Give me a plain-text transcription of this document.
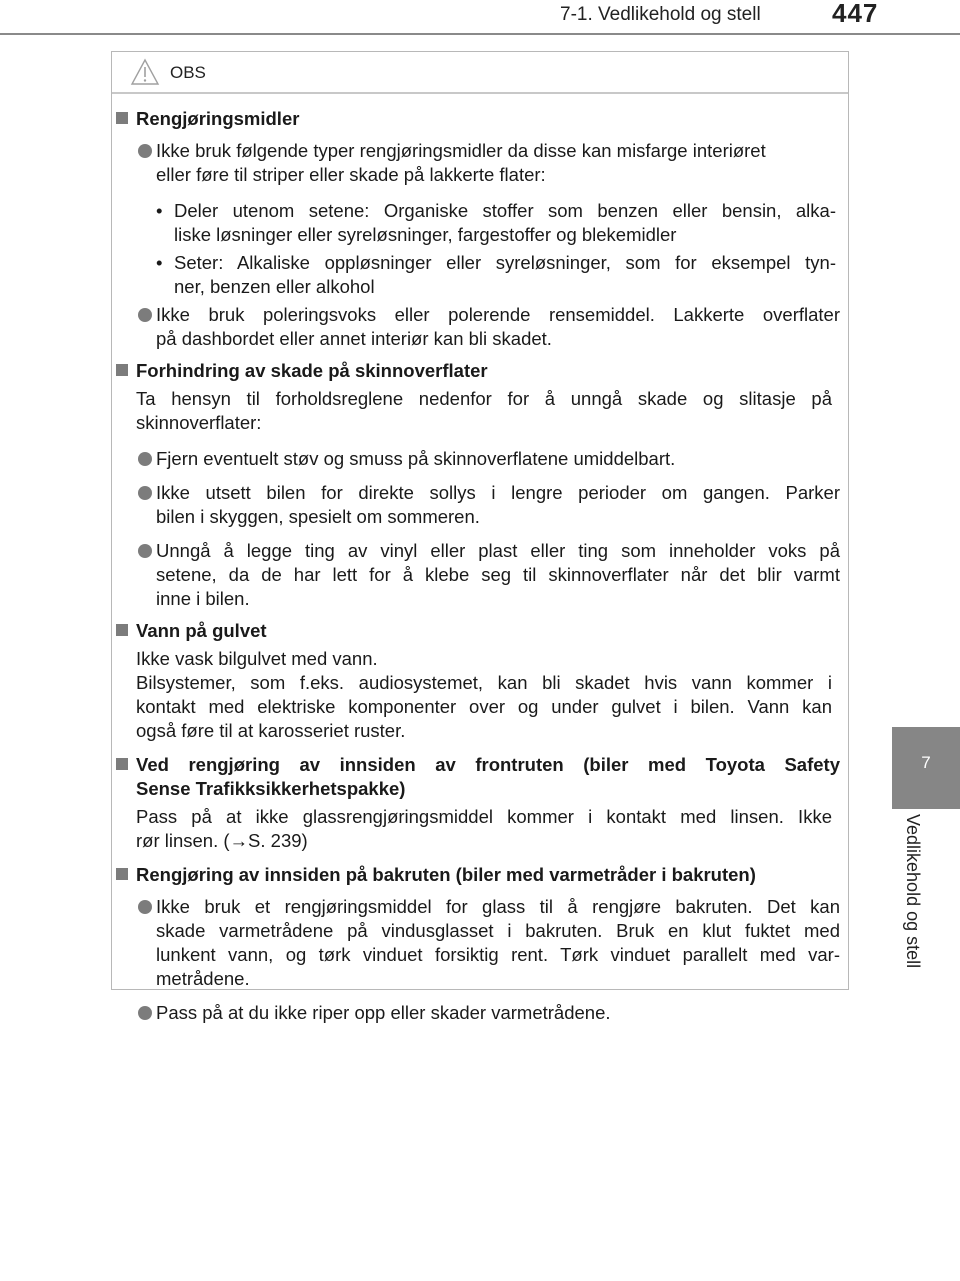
7-1. Vedlikehold og stell	447
7
Vedlikehold og stell
OBS
Rengjøringsmidler
Ikke bruk følgende typer rengjøringsmidler da disse kan misfarge interiøret
eller føre til striper eller skade på lakkerte flater:
• Deler utenom setene: Organiske stoffer som benzen eller bensin, alka-
liske løsninger eller syreløsninger, fargestoffer og blekemidler
• Seter: Alkaliske oppløsninger eller syreløsninger, som for eksempel tyn-
ner, benzen eller alkohol
Ikke bruk poleringsvoks eller polerende rensemiddel. Lakkerte overflater
på dashbordet eller annet interiør kan bli skadet.
Forhindring av skade på skinnoverflater
Ta hensyn til forholdsreglene nedenfor for å unngå skade og slitasje på
skinnoverflater:
Fjern eventuelt støv og smuss på skinnoverflatene umiddelbart.
Ikke utsett bilen for direkte sollys i lengre perioder om gangen. Parker
bilen i skyggen, spesielt om sommeren.
Unngå å legge ting av vinyl eller plast eller ting som inneholder voks på
setene, da de har lett for å klebe seg til skinnoverflater når det blir varmt
inne i bilen.
Vann på gulvet
Ikke vask bilgulvet med vann.
Bilsystemer, som f.eks. audiosystemet, kan bli skadet hvis vann kommer i
kontakt med elektriske komponenter over og under gulvet i bilen. Vann kan
også føre til at karosseriet ruster.
Ved rengjøring av innsiden av frontruten (biler med Toyota Safety
Sense Trafikksikkerhetspakke)
Pass på at ikke glassrengjøringsmiddel kommer i kontakt med linsen. Ikke
rør linsen. (→S. 239)
Rengjøring av innsiden på bakruten (biler med varmetråder i bakruten)
Ikke bruk et rengjøringsmiddel for glass til å rengjøre bakruten. Det kan
skade varmetrådene på vindusglasset i bakruten. Bruk en klut fuktet med
lunkent vann, og tørk vinduet forsiktig rent. Tørk vinduet parallelt med var-
metrådene.
Pass på at du ikke riper opp eller skader varmetrådene.
